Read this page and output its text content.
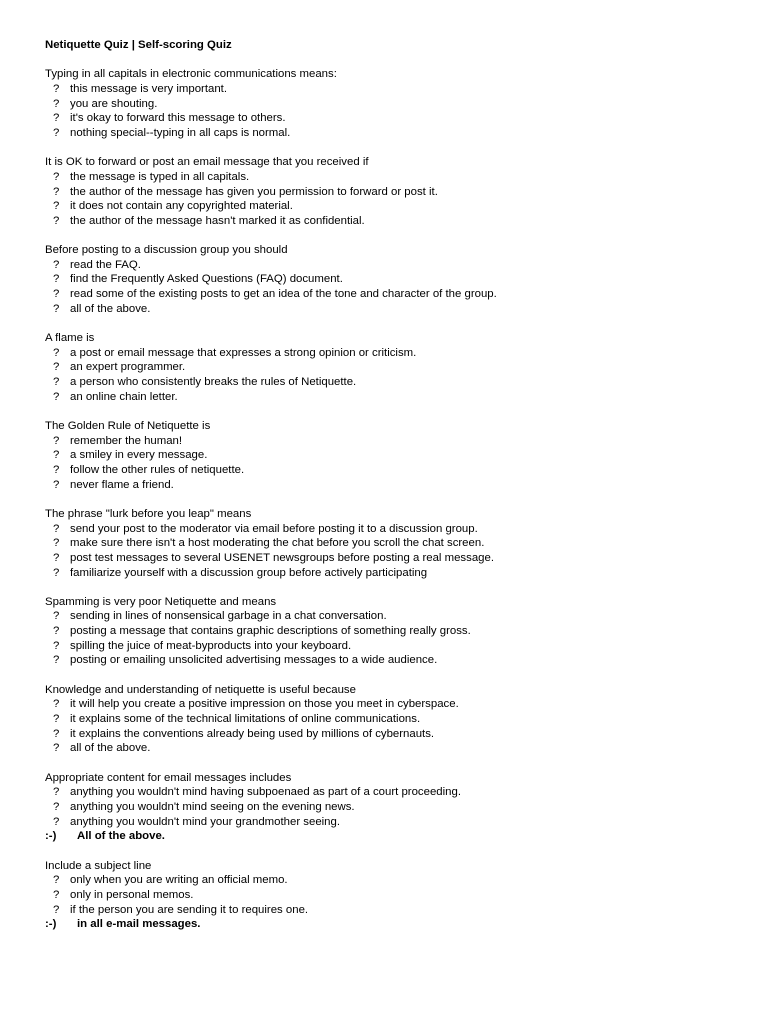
Netiquette Quiz | Self-scoring Quiz

Typing in all capitals in electronic communications means:

? this message is very important.
? you are shouting.
? it's okay to forward this message to others.
? nothing special--typing in all caps is normal.

It is OK to forward or post an email message that you received if

? the message is typed in all capitals.
? the author of the message has given you permission to forward or post it.
? it does not contain any copyrighted material.
? the author of the message hasn't marked it as confidential.

Before posting to a discussion group you should

? read the FAQ.
? find the Frequently Asked Questions (FAQ) document.
? read some of the existing posts to get an idea of the tone and character of the group.
? all of the above.

A flame is

? a post or email message that expresses a strong opinion or criticism.
? an expert programmer.
? a person who consistently breaks the rules of Netiquette.
? an online chain letter.

The Golden Rule of Netiquette is

? remember the human!
? a smiley in every message.
? follow the other rules of netiquette.
? never flame a friend.

The phrase "lurk before you leap" means

? send your post to the moderator via email before posting it to a discussion group.
? make sure there isn't a host moderating the chat before you scroll the chat screen.
? post test messages to several USENET newsgroups before posting a real message.
? familiarize yourself with a discussion group before actively participating

Spamming is very poor Netiquette and means

? sending in lines of nonsensical garbage in a chat conversation.
? posting a message that contains graphic descriptions of something really gross.
? spilling the juice of meat-byproducts into your keyboard.
? posting or emailing unsolicited advertising messages to a wide audience.

Knowledge and understanding of netiquette is useful because

? it will help you create a positive impression on those you meet in cyberspace.
? it explains some of the technical limitations of online communications.
? it explains the conventions already being used by millions of cybernauts.
? all of the above.

Appropriate content for email messages includes

? anything you wouldn't mind having subpoenaed as part of a court proceeding.
? anything you wouldn't mind seeing on the evening news.
? anything you wouldn't mind your grandmother seeing.
:-)	All of the above.

Include a subject line

? only when you are writing an official memo.
? only in personal memos.
? if the person you are sending it to requires one.
:-)	in all e-mail messages.
